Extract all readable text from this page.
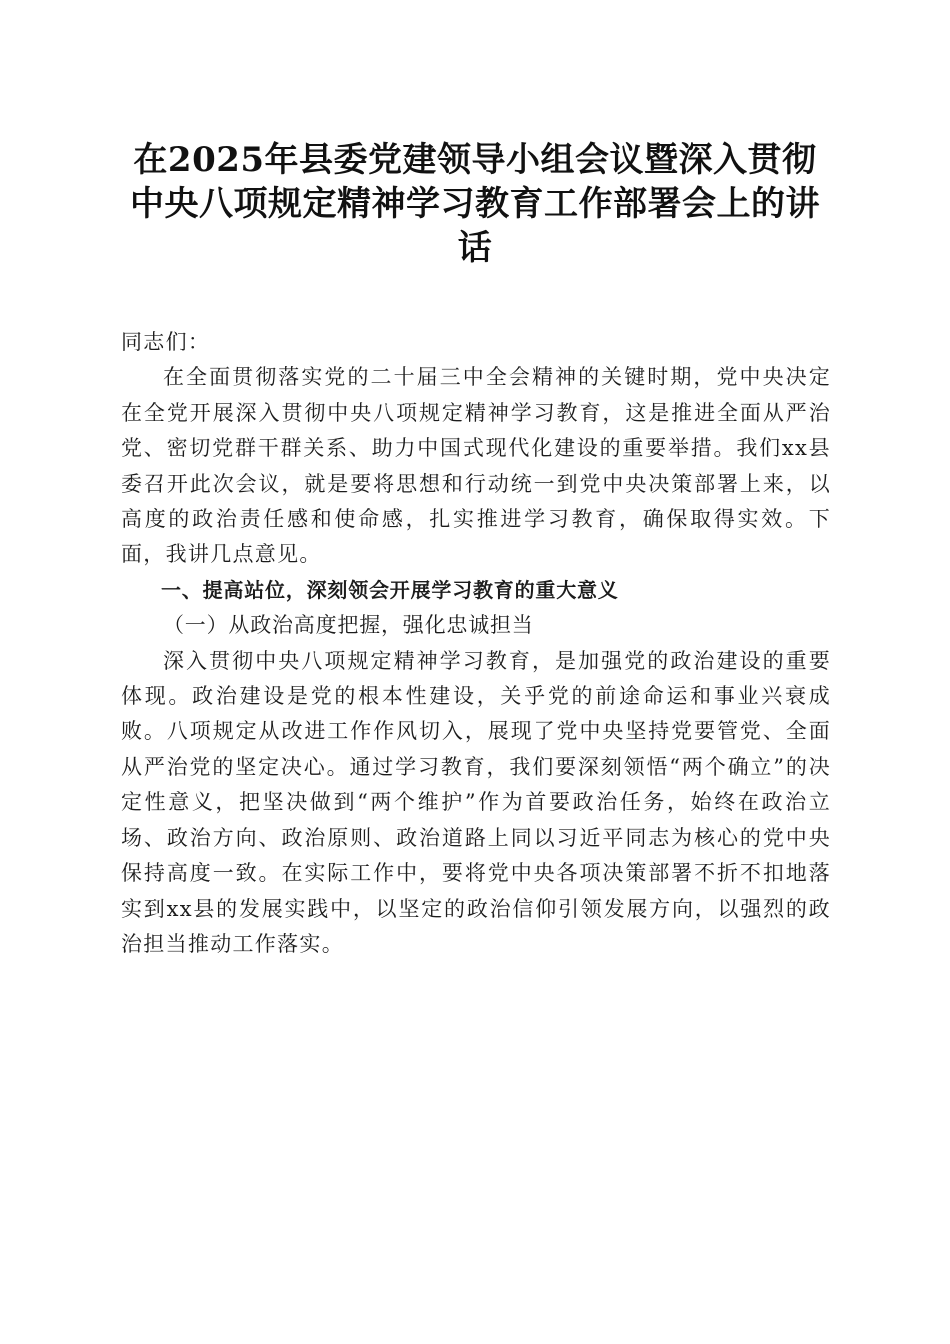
在2025年县委党建领导小组会议暨深入贯彻
中央八项规定精神学习教育工作部署会上的讲
话

同志们：

在全面贯彻落实党的二十届三中全会精神的关键时期，党中央决定在全党开展深入贯彻中央八项规定精神学习教育，这是推进全面从严治党、密切党群干群关系、助力中国式现代化建设的重要举措。我们xx县委召开此次会议，就是要将思想和行动统一到党中央决策部署上来，以高度的政治责任感和使命感，扎实推进学习教育，确保取得实效。下面，我讲几点意见。

一、提高站位，深刻领会开展学习教育的重大意义

（一）从政治高度把握，强化忠诚担当

深入贯彻中央八项规定精神学习教育，是加强党的政治建设的重要体现。政治建设是党的根本性建设，关乎党的前途命运和事业兴衰成败。八项规定从改进工作作风切入，展现了党中央坚持党要管党、全面从严治党的坚定决心。通过学习教育，我们要深刻领悟“两个确立”的决定性意义，把坚决做到“两个维护”作为首要政治任务，始终在政治立场、政治方向、政治原则、政治道路上同以习近平同志为核心的党中央保持高度一致。在实际工作中，要将党中央各项决策部署不折不扣地落实到xx县的发展实践中，以坚定的政治信仰引领发展方向，以强烈的政治担当推动工作落实。
